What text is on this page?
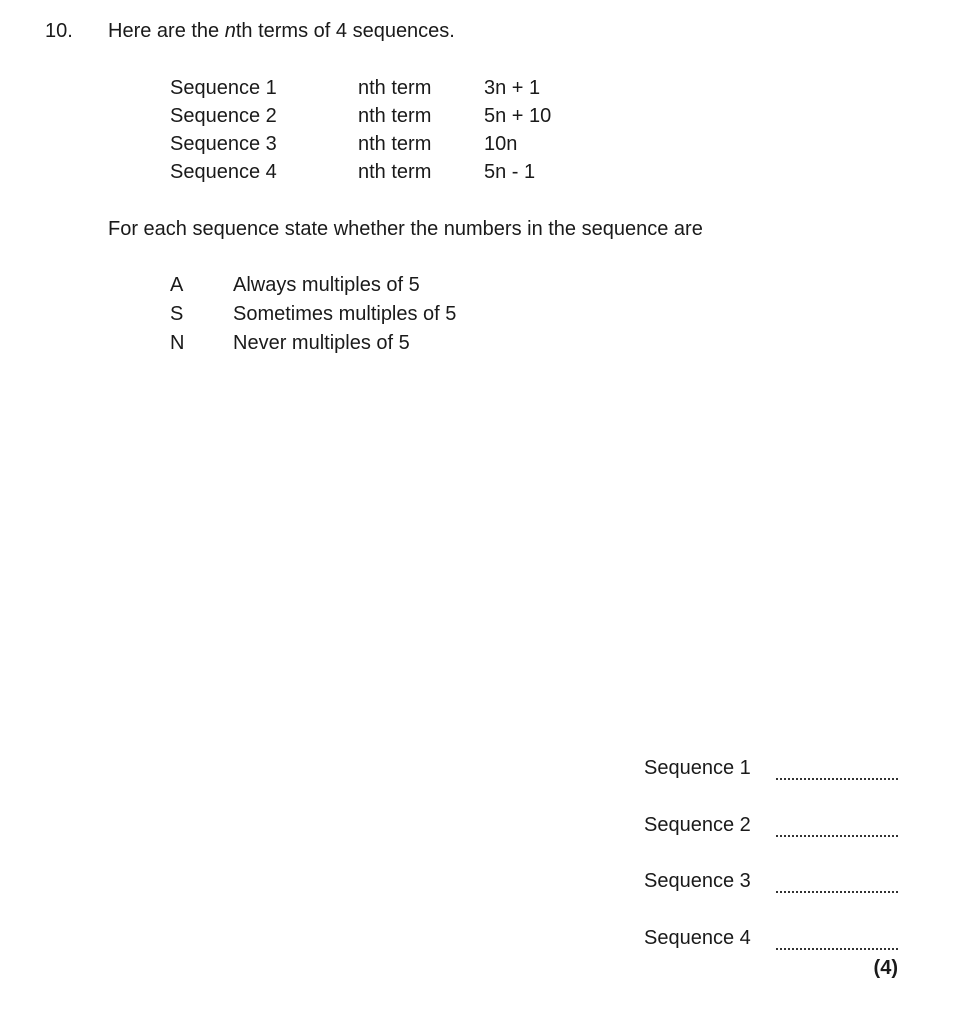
10. Here are the nth terms of 4 sequences.
Sequence 1	nth term	3n + 1
Sequence 2	nth term	5n + 10
Sequence 3	nth term	10n
Sequence 4	nth term	5n - 1
For each sequence state whether the numbers in the sequence are
A Always multiples of 5
S Sometimes multiples of 5
N Never multiples of 5
Sequence 1
Sequence 2
Sequence 3
Sequence 4
(4)
